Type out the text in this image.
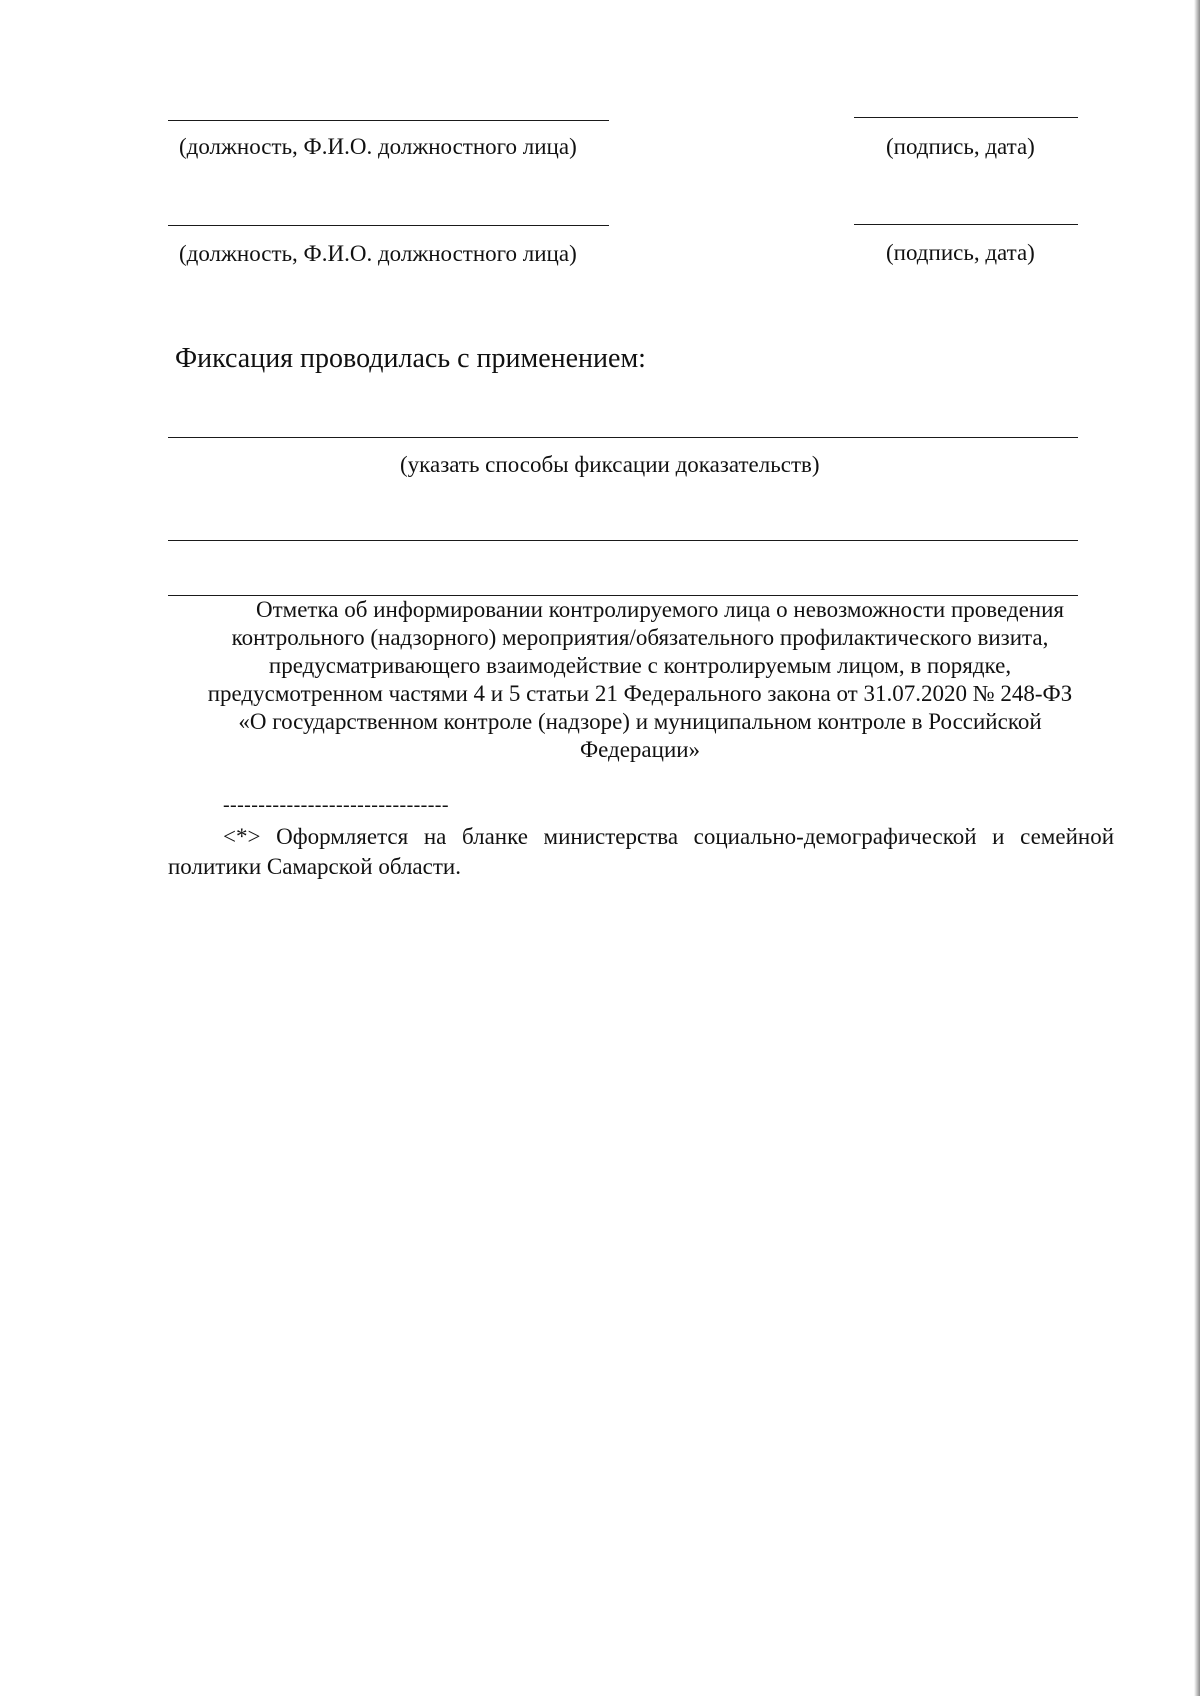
(должность, Ф.И.О. должностного лица)	(подпись, дата)
(должность, Ф.И.О. должностного лица)	(подпись, дата)
Фиксация проводилась с применением:
(указать способы фиксации доказательств)

Отметка об информировании контролируемого лица о невозможности проведения
контрольного (надзорного) мероприятия/обязательного профилактического визита,
предусматривающего взаимодействие с контролируемым лицом, в порядке,
предусмотренном частями 4 и 5 статьи 21 Федерального закона от 31.07.2020 № 248-ФЗ
«О государственном контроле (надзоре) и муниципальном контроле в Российской
Федерации»

--------------------------------

<*> Оформляется на бланке министерства социально-демографической и семейной политики Самарской области.
